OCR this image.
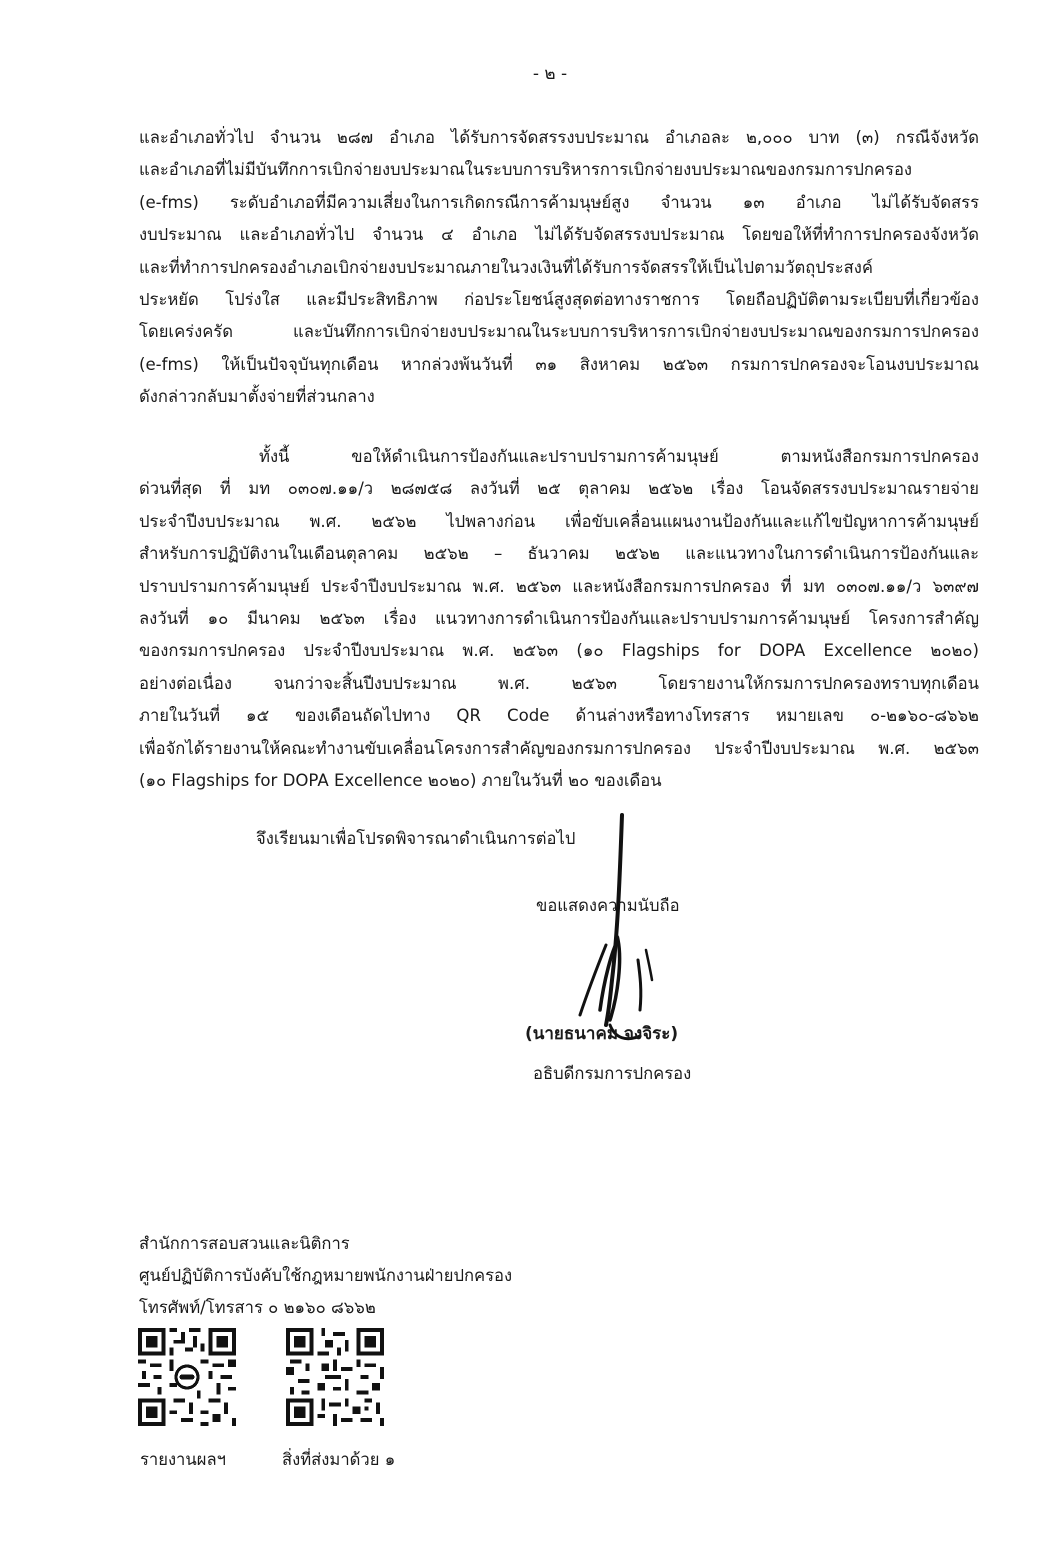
- ๒ -
และอำเภอทั่วไป จำนวน ๒๘๗ อำเภอ ได้รับการจัดสรรงบประมาณ อำเภอละ ๒,๐๐๐ บาท (๓) กรณีจังหวัด
และอำเภอที่ไม่มีบันทึกการเบิกจ่ายงบประมาณในระบบการบริหารการเบิกจ่ายงบประมาณของกรมการปกครอง
(e-fms) ระดับอำเภอที่มีความเสี่ยงในการเกิดกรณีการค้ามนุษย์สูง จำนวน ๑๓ อำเภอ ไม่ได้รับจัดสรร
งบประมาณ และอำเภอทั่วไป จำนวน ๔ อำเภอ ไม่ได้รับจัดสรรงบประมาณ โดยขอให้ที่ทำการปกครองจังหวัด
และที่ทำการปกครองอำเภอเบิกจ่ายงบประมาณภายในวงเงินที่ได้รับการจัดสรรให้เป็นไปตามวัตถุประสงค์
ประหยัด โปร่งใส และมีประสิทธิภาพ ก่อประโยชน์สูงสุดต่อทางราชการ โดยถือปฏิบัติตามระเบียบที่เกี่ยวข้อง
โดยเคร่งครัด และบันทึกการเบิกจ่ายงบประมาณในระบบการบริหารการเบิกจ่ายงบประมาณของกรมการปกครอง
(e-fms) ให้เป็นปัจจุบันทุกเดือน หากล่วงพ้นวันที่ ๓๑ สิงหาคม ๒๕๖๓ กรมการปกครองจะโอนงบประมาณ
ดังกล่าวกลับมาตั้งจ่ายที่ส่วนกลาง
ทั้งนี้ ขอให้ดำเนินการป้องกันและปราบปรามการค้ามนุษย์ ตามหนังสือกรมการปกครอง
ด่วนที่สุด ที่ มท ๐๓๐๗.๑๑/ว ๒๘๗๕๘ ลงวันที่ ๒๕ ตุลาคม ๒๕๖๒ เรื่อง โอนจัดสรรงบประมาณรายจ่าย
ประจำปีงบประมาณ พ.ศ. ๒๕๖๒ ไปพลางก่อน เพื่อขับเคลื่อนแผนงานป้องกันและแก้ไขปัญหาการค้ามนุษย์
สำหรับการปฏิบัติงานในเดือนตุลาคม ๒๕๖๒ – ธันวาคม ๒๕๖๒ และแนวทางในการดำเนินการป้องกันและ
ปราบปรามการค้ามนุษย์ ประจำปีงบประมาณ พ.ศ. ๒๕๖๓ และหนังสือกรมการปกครอง ที่ มท ๐๓๐๗.๑๑/ว ๖๓๙๗
ลงวันที่ ๑๐ มีนาคม ๒๕๖๓ เรื่อง แนวทางการดำเนินการป้องกันและปราบปรามการค้ามนุษย์ โครงการสำคัญ
ของกรมการปกครอง ประจำปีงบประมาณ พ.ศ. ๒๕๖๓ (๑๐ Flagships for DOPA Excellence ๒๐๒๐)
อย่างต่อเนื่อง จนกว่าจะสิ้นปีงบประมาณ พ.ศ. ๒๕๖๓ โดยรายงานให้กรมการปกครองทราบทุกเดือน
ภายในวันที่ ๑๕ ของเดือนถัดไปทาง QR Code ด้านล่างหรือทางโทรสาร หมายเลข ๐-๒๑๖๐-๘๖๖๒
เพื่อจักได้รายงานให้คณะทำงานขับเคลื่อนโครงการสำคัญของกรมการปกครอง ประจำปีงบประมาณ พ.ศ. ๒๕๖๓
(๑๐ Flagships for DOPA Excellence ๒๐๒๐) ภายในวันที่ ๒๐ ของเดือน
จึงเรียนมาเพื่อโปรดพิจารณาดำเนินการต่อไป
ขอแสดงความนับถือ
(นายธนาคม จงจิระ)
อธิบดีกรมการปกครอง
สำนักการสอบสวนและนิติการ
ศูนย์ปฏิบัติการบังคับใช้กฎหมายพนักงานฝ่ายปกครอง
โทรศัพท์/โทรสาร ๐ ๒๑๖๐ ๘๖๖๒
รายงานผลฯ	สิ่งที่ส่งมาด้วย ๑
